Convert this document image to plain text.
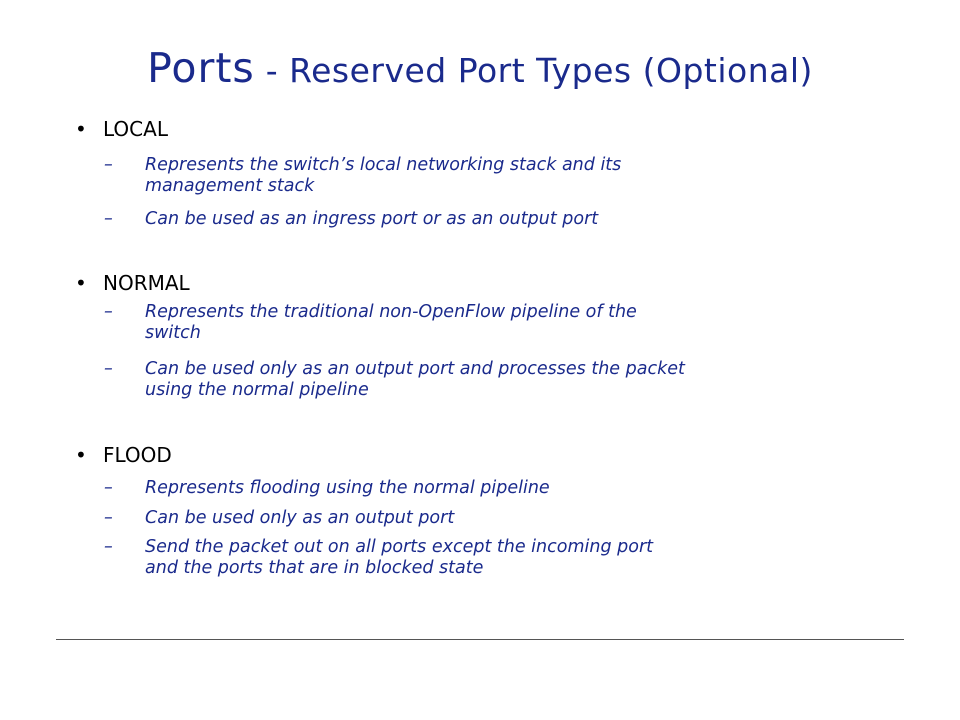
Ports - Reserved Port Types (Optional)
• LOCAL
– Represents the switch’s local networking stack and its
management stack
– Can be used as an ingress port or as an output port
• NORMAL
– Represents the traditional non-OpenFlow pipeline of the
switch
– Can be used only as an output port and processes the packet
using the normal pipeline
• FLOOD
– Represents flooding using the normal pipeline
– Can be used only as an output port
– Send the packet out on all ports except the incoming port
and the ports that are in blocked state
